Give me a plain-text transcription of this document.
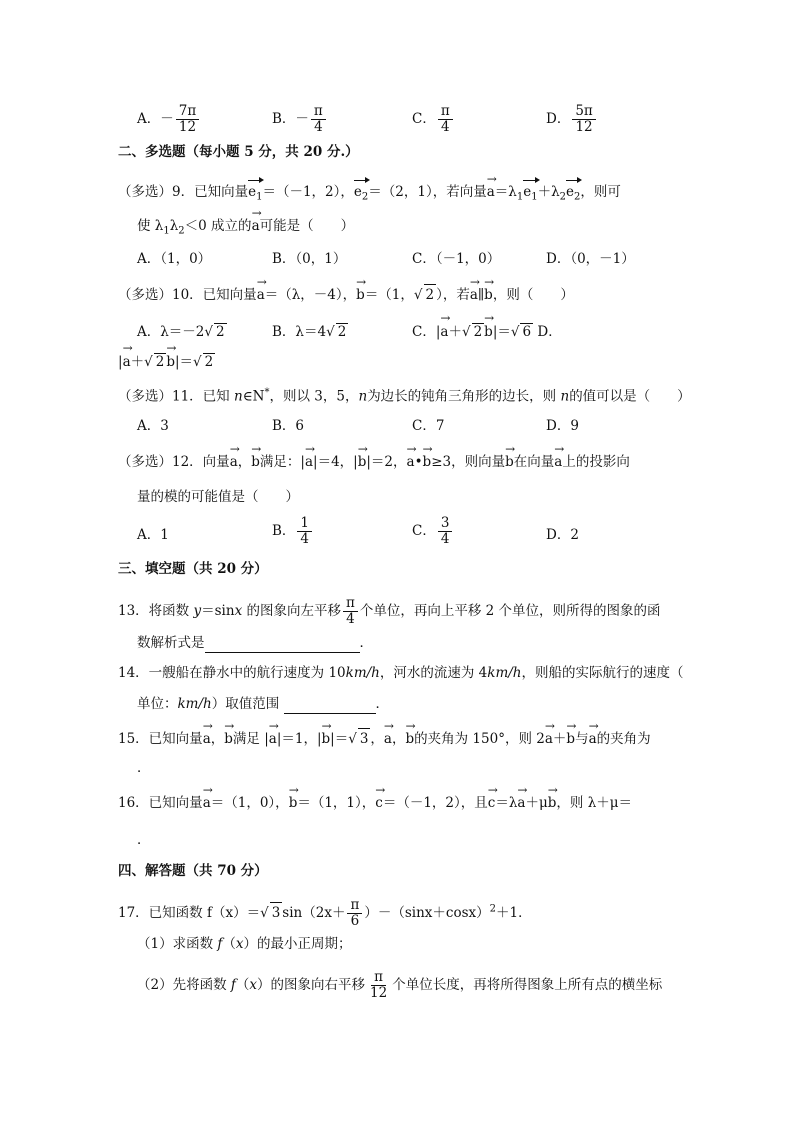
A．－ $\frac{7\pi}{12}$	B．－ $\frac{\pi}{4}$	C． $\frac{\pi}{4}$	D． $\frac{5\pi}{12}$
二、多选题（每小题 5 分，共 20 分.）
（多选）9．已知向量$e_1=(-1$，2），$e_2=(2$，1），若向量→ $a=\lambda_1e_1+\lambda_2e_2$，则可
使 $\lambda_1\lambda_2<0$ 成立的→ a可能是（　　）
A．（1，0）	B．（0，1）	C．（－1，0）	D．（0，－1）
（多选）10．已知向量→ a＝（λ，－4），→ b＝（1， √ 2 ），若→ a∥→ b，则（　　）
A．λ＝－2 √ 2	B．λ＝4 √ 2	C．|→ a＋ √ 2 → b|＝ √ 6 D．
|→ a＋ √ 2 → b|＝ √ 2
（多选）11．已知 n∈N*，则以 3，5，n为边长的钝角三角形的边长，则 n的值可以是（　　）
A．3	B．6	C．7	D．9
（多选）12．向量→ a，→ b满足：|→ a|＝4，|→ b|＝2，→ a•→ b≥3，则向量→ b在向量→ a上的投影向
量的模的可能值是（　　）
A．1	B． $\frac{1}{4}$	C． $\frac{3}{4}$	D．2
三、填空题（共 20 分）
13．将函数 y＝sinx 的图象向左平移 $\frac{\pi}{4}$ 个单位，再向上平移 2 个单位，则所得的图象的函
数解析式是	．
14．一艘船在静水中的航行速度为 10km/h，河水的流速为 4km/h，则船的实际航行的速度（
单位：km/h）取值范围	．
15．已知向量→ a，→ b满足 |→ a|＝1，|→ b|＝ √ 3 ，→ a，→ b的夹角为 150°，则 2→ a＋→ b与→ a的夹角为
．
16．已知向量→ a＝（1，0），→ b＝（1，1），→ c＝（－1，2），且→ c＝λ→ a＋μ→ b，则 λ＋μ＝
．
四、解答题（共 70 分）
17．已知函数 f（x）＝ √ 3 $\sin(2x+ \frac{\pi}{6} )-(\sin x+\cos x)^2+1$．
（1）求函数 f（x）的最小正周期；
（2）先将函数 f（x）的图象向右平移 $\frac{\pi}{12}$ 个单位长度，再将所得图象上所有点的横坐标
